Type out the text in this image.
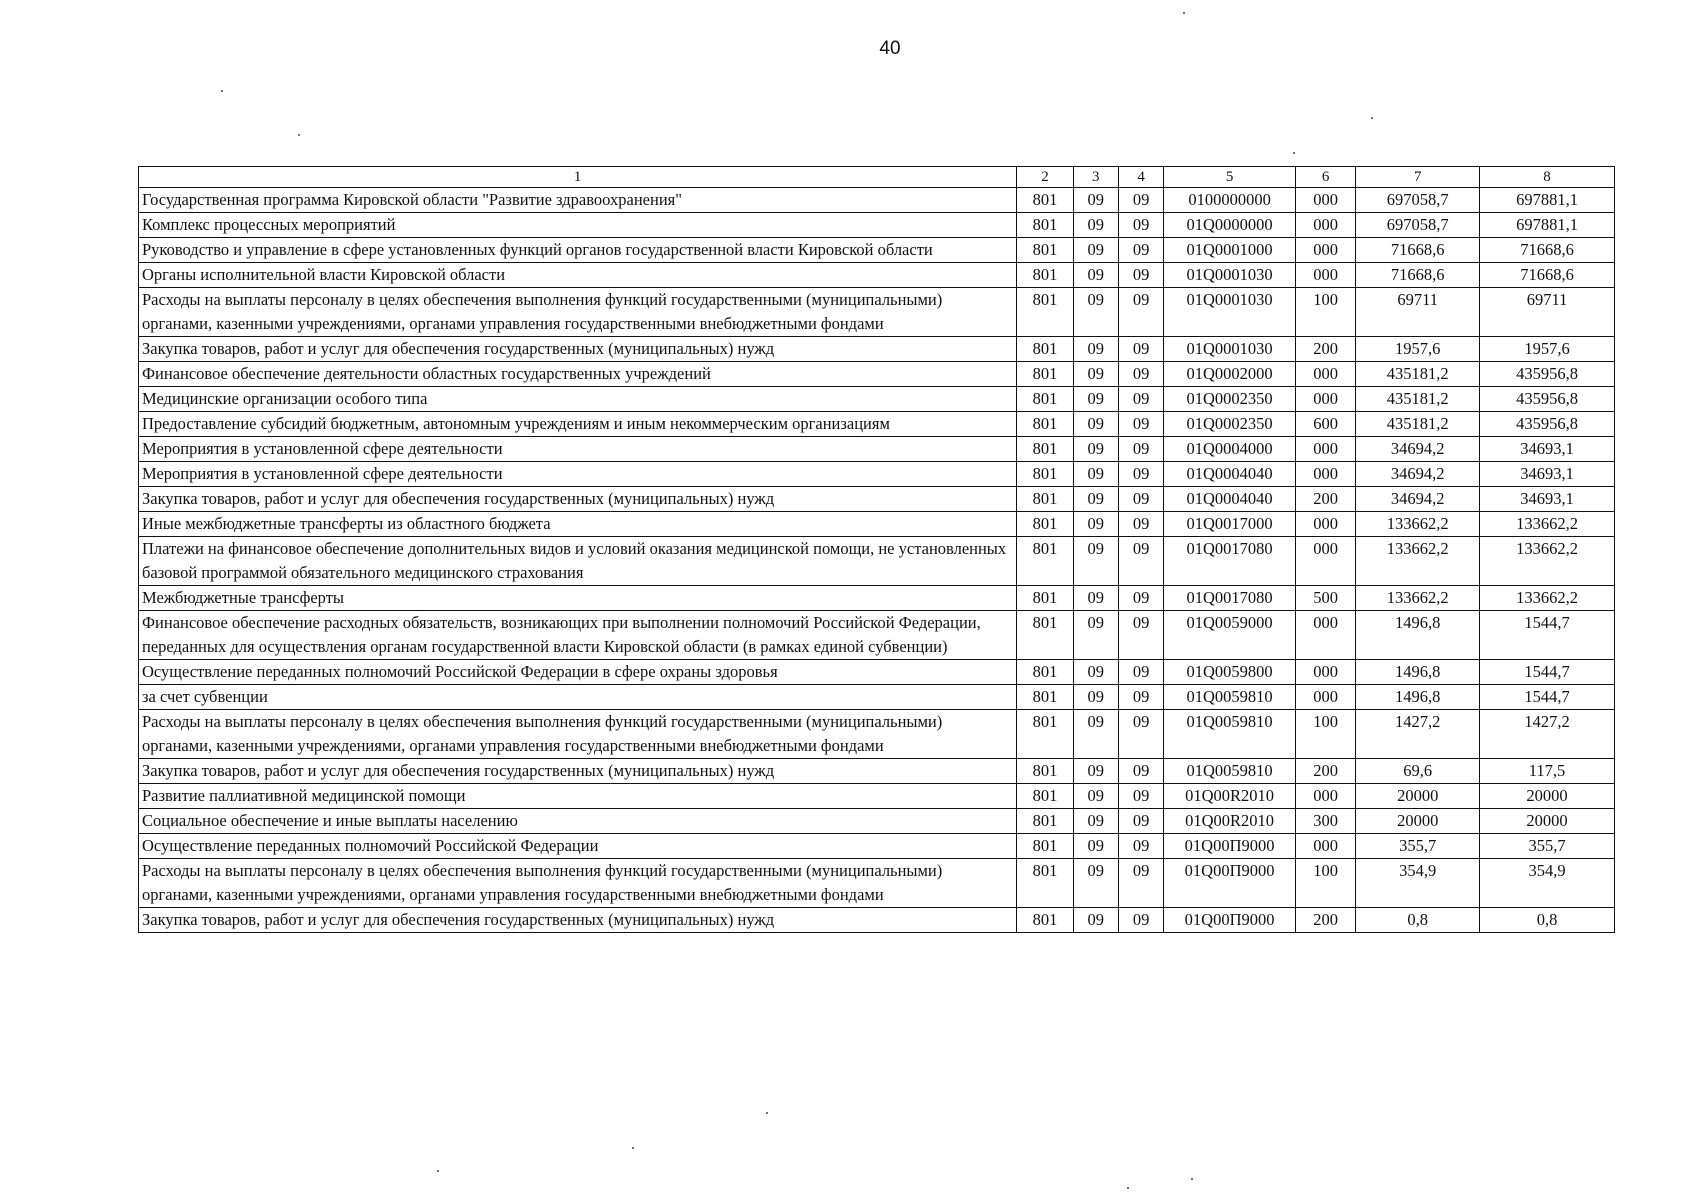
40
1	2	3	4	5	6	7	8
Государственная программа Кировской области "Развитие здравоохранения"	801	09	09	0100000000	000	697058,7	697881,1
Комплекс процессных мероприятий	801	09	09	01Q0000000	000	697058,7	697881,1
Руководство и управление в сфере установленных функций органов государственной власти Кировской области	801	09	09	01Q0001000	000	71668,6	71668,6
Органы исполнительной власти Кировской области	801	09	09	01Q0001030	000	71668,6	71668,6
Расходы на выплаты персоналу в целях обеспечения выполнения функций государственными (муниципальными) органами, казенными учреждениями, органами управления государственными внебюджетными фондами	801	09	09	01Q0001030	100	69711	69711
Закупка товаров, работ и услуг для обеспечения государственных (муниципальных) нужд	801	09	09	01Q0001030	200	1957,6	1957,6
Финансовое обеспечение деятельности областных государственных учреждений	801	09	09	01Q0002000	000	435181,2	435956,8
Медицинские организации особого типа	801	09	09	01Q0002350	000	435181,2	435956,8
Предоставление субсидий бюджетным, автономным учреждениям и иным некоммерческим организациям	801	09	09	01Q0002350	600	435181,2	435956,8
Мероприятия в установленной сфере деятельности	801	09	09	01Q0004000	000	34694,2	34693,1
Мероприятия в установленной сфере деятельности	801	09	09	01Q0004040	000	34694,2	34693,1
Закупка товаров, работ и услуг для обеспечения государственных (муниципальных) нужд	801	09	09	01Q0004040	200	34694,2	34693,1
Иные межбюджетные трансферты из областного бюджета	801	09	09	01Q0017000	000	133662,2	133662,2
Платежи на финансовое обеспечение дополнительных видов и условий оказания медицинской помощи, не установленных базовой программой обязательного медицинского страхования	801	09	09	01Q0017080	000	133662,2	133662,2
Межбюджетные трансферты	801	09	09	01Q0017080	500	133662,2	133662,2
Финансовое обеспечение расходных обязательств, возникающих при выполнении полномочий Российской Федерации, переданных для осуществления органам государственной власти Кировской области (в рамках единой субвенции)	801	09	09	01Q0059000	000	1496,8	1544,7
Осуществление переданных полномочий Российской Федерации в сфере охраны здоровья	801	09	09	01Q0059800	000	1496,8	1544,7
за счет субвенции	801	09	09	01Q0059810	000	1496,8	1544,7
Расходы на выплаты персоналу в целях обеспечения выполнения функций государственными (муниципальными) органами, казенными учреждениями, органами управления государственными внебюджетными фондами	801	09	09	01Q0059810	100	1427,2	1427,2
Закупка товаров, работ и услуг для обеспечения государственных (муниципальных) нужд	801	09	09	01Q0059810	200	69,6	117,5
Развитие паллиативной медицинской помощи	801	09	09	01Q00R2010	000	20000	20000
Социальное обеспечение и иные выплаты населению	801	09	09	01Q00R2010	300	20000	20000
Осуществление переданных полномочий Российской Федерации	801	09	09	01Q00П9000	000	355,7	355,7
Расходы на выплаты персоналу в целях обеспечения выполнения функций государственными (муниципальными) органами, казенными учреждениями, органами управления государственными внебюджетными фондами	801	09	09	01Q00П9000	100	354,9	354,9
Закупка товаров, работ и услуг для обеспечения государственных (муниципальных) нужд	801	09	09	01Q00П9000	200	0,8	0,8
